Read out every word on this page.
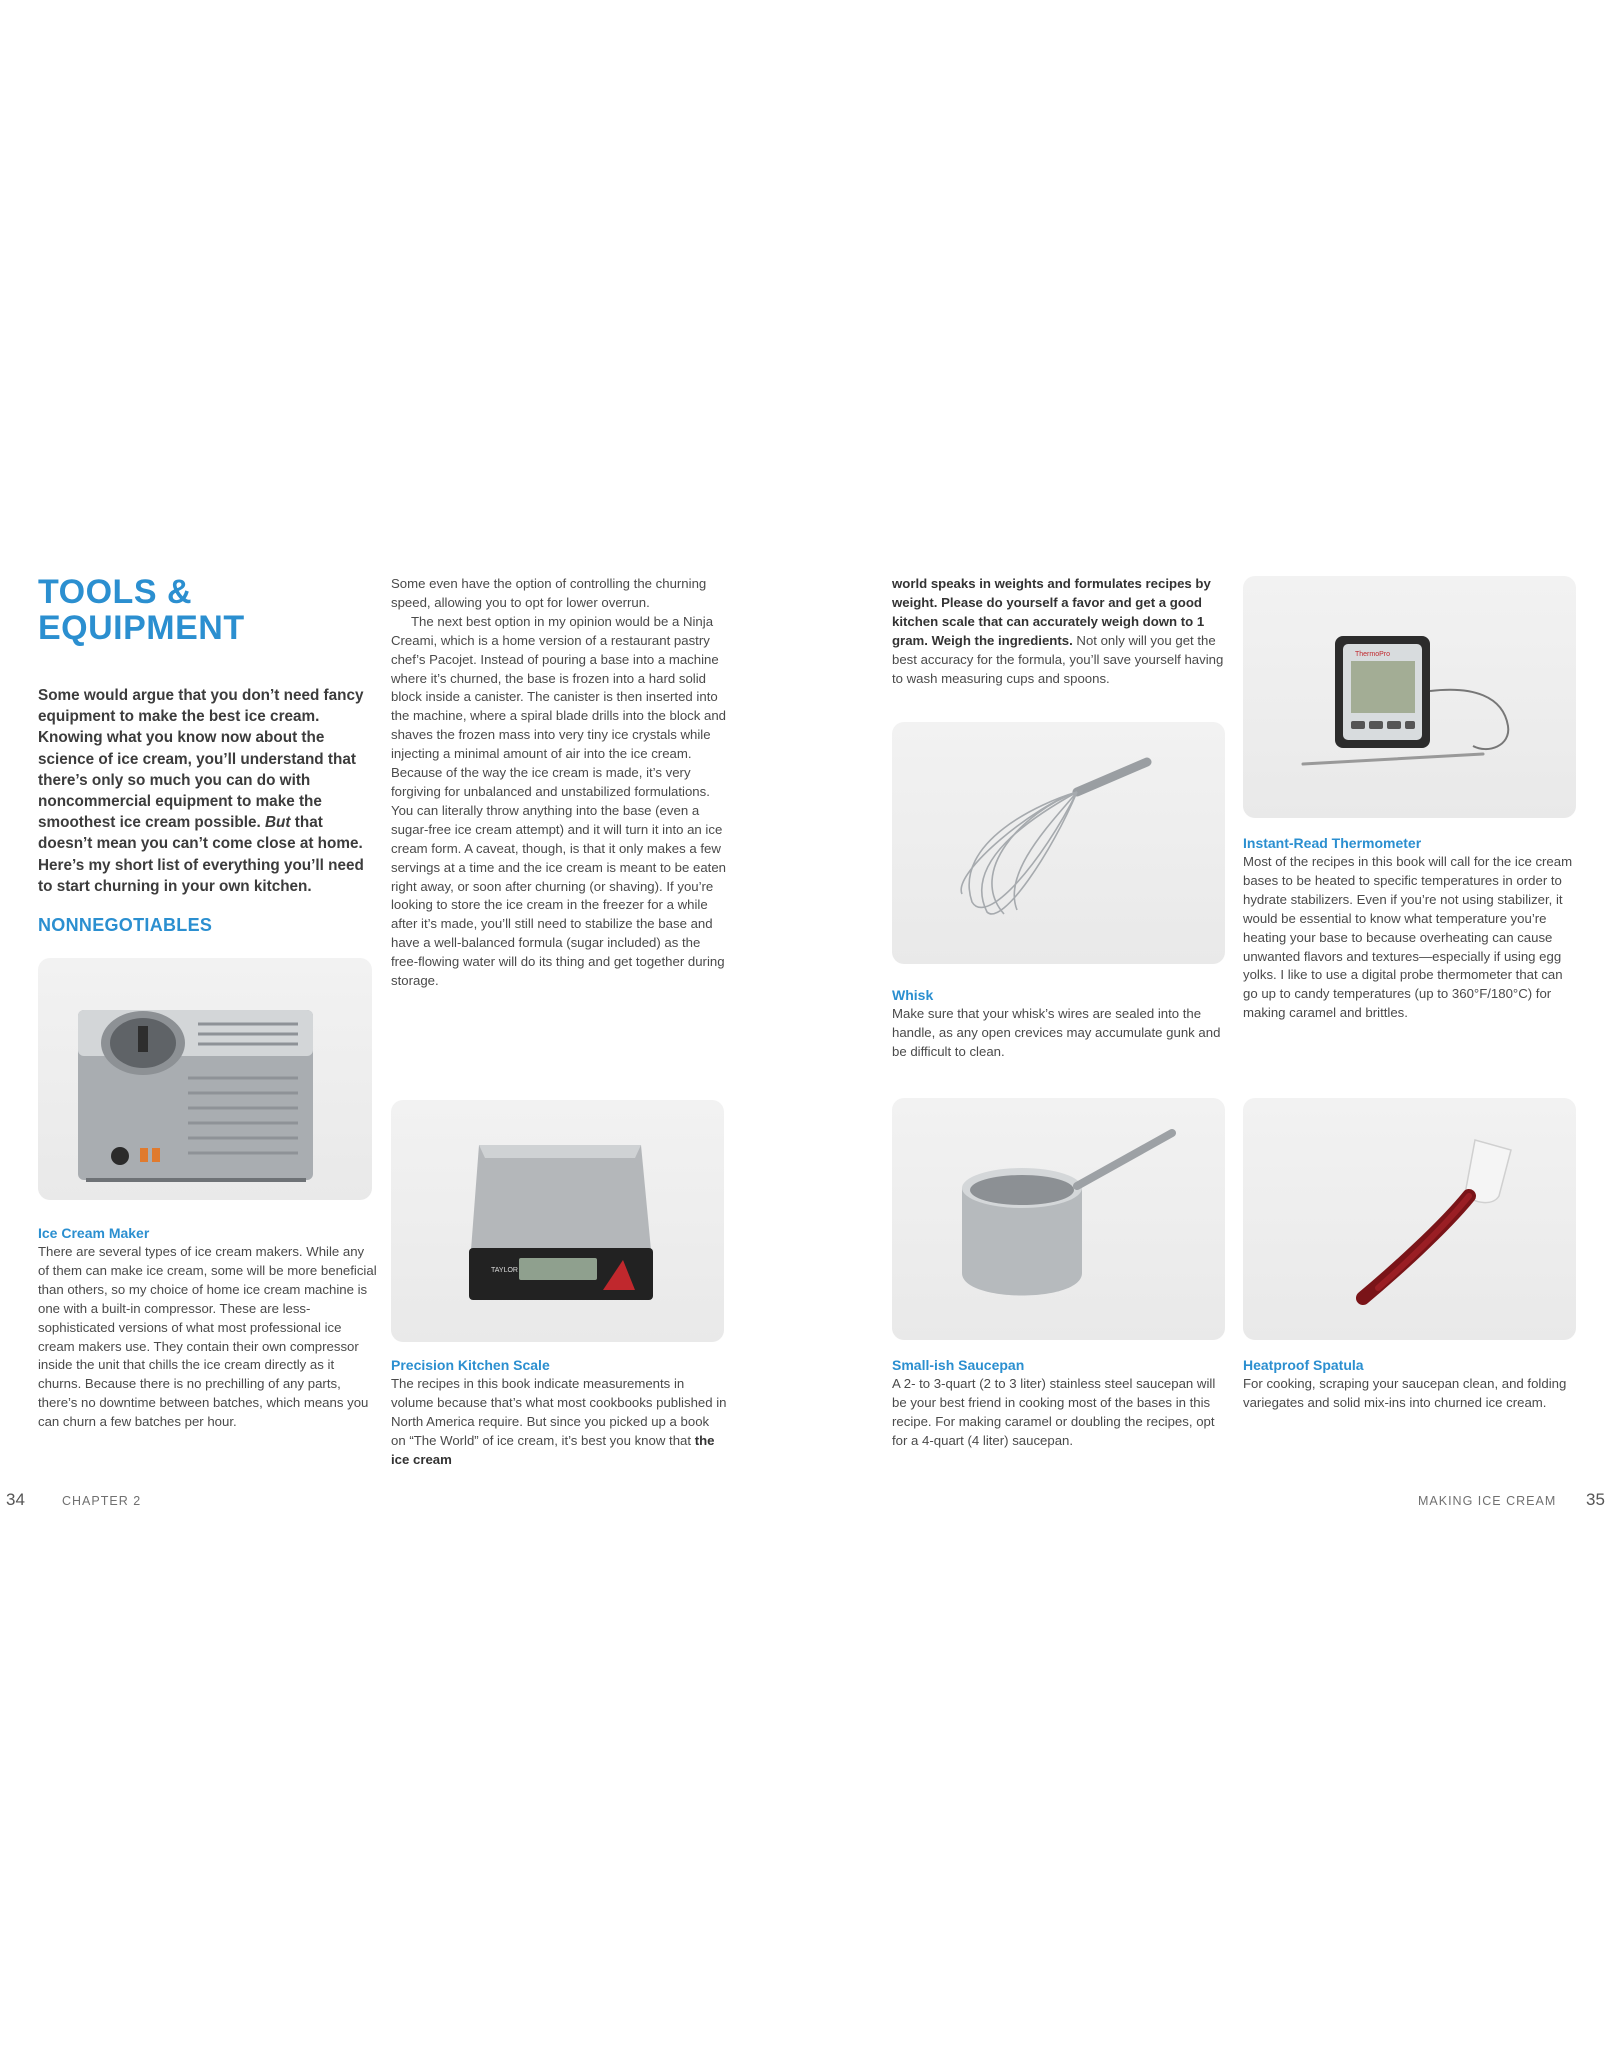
TOOLS &
EQUIPMENT
Some would argue that you don’t need fancy equipment to make the best ice cream. Knowing what you know now about the science of ice cream, you’ll understand that there’s only so much you can do with noncommercial equipment to make the smoothest ice cream possible. But that doesn’t mean you can’t come close at home. Here’s my short list of everything you’ll need to start churning in your own kitchen.
NONNEGOTIABLES
Ice Cream Maker
There are several types of ice cream makers. While any of them can make ice cream, some will be more beneficial than others, so my choice of home ice cream machine is one with a built-in compressor. These are less-sophisticated versions of what most professional ice cream makers use. They contain their own compressor inside the unit that chills the ice cream directly as it churns. Because there is no prechilling of any parts, there’s no downtime between batches, which means you can churn a few batches per hour.

Some even have the option of controlling the churning speed, allowing you to opt for lower overrun.

The next best option in my opinion would be a Ninja Creami, which is a home version of a restaurant pastry chef’s Pacojet. Instead of pouring a base into a machine where it’s churned, the base is frozen into a hard solid block inside a canister. The canister is then inserted into the machine, where a spiral blade drills into the block and shaves the frozen mass into very tiny ice crystals while injecting a minimal amount of air into the ice cream. Because of the way the ice cream is made, it’s very forgiving for unbalanced and unstabilized formulations. You can literally throw anything into the base (even a sugar-free ice cream attempt) and it will turn it into an ice cream form. A caveat, though, is that it only makes a few servings at a time and the ice cream is meant to be eaten right away, or soon after churning (or shaving). If you’re looking to store the ice cream in the freezer for a while after it’s made, you’ll still need to stabilize the base and have a well-balanced formula (sugar included) as the free-flowing water will do its thing and get together during storage.

TAYLOR
Precision Kitchen Scale
The recipes in this book indicate measurements in volume because that’s what most cookbooks published in North America require. But since you picked up a book on “The World” of ice cream, it’s best you know that the ice cream
34	CHAPTER 2
world speaks in weights and formulates recipes by weight. Please do yourself a favor and get a good kitchen scale that can accurately weigh down to 1 gram. Weigh the ingredients. Not only will you get the best accuracy for the formula, you’ll save yourself having to wash measuring cups and spoons.
Whisk
Make sure that your whisk’s wires are sealed into the handle, as any open crevices may accumulate gunk and be difficult to clean.
ThermoPro
Instant-Read Thermometer
Most of the recipes in this book will call for the ice cream bases to be heated to specific temperatures in order to hydrate stabilizers. Even if you’re not using stabilizer, it would be essential to know what temperature you’re heating your base to because overheating can cause unwanted flavors and textures—especially if using egg yolks. I like to use a digital probe thermometer that can go up to candy temperatures (up to 360°F/180°C) for making caramel and brittles.
Small-ish Saucepan
A 2- to 3-quart (2 to 3 liter) stainless steel saucepan will be your best friend in cooking most of the bases in this recipe. For making caramel or doubling the recipes, opt for a 4-quart (4 liter) saucepan.
Heatproof Spatula
For cooking, scraping your saucepan clean, and folding variegates and solid mix-ins into churned ice cream.
MAKING ICE CREAM 35
